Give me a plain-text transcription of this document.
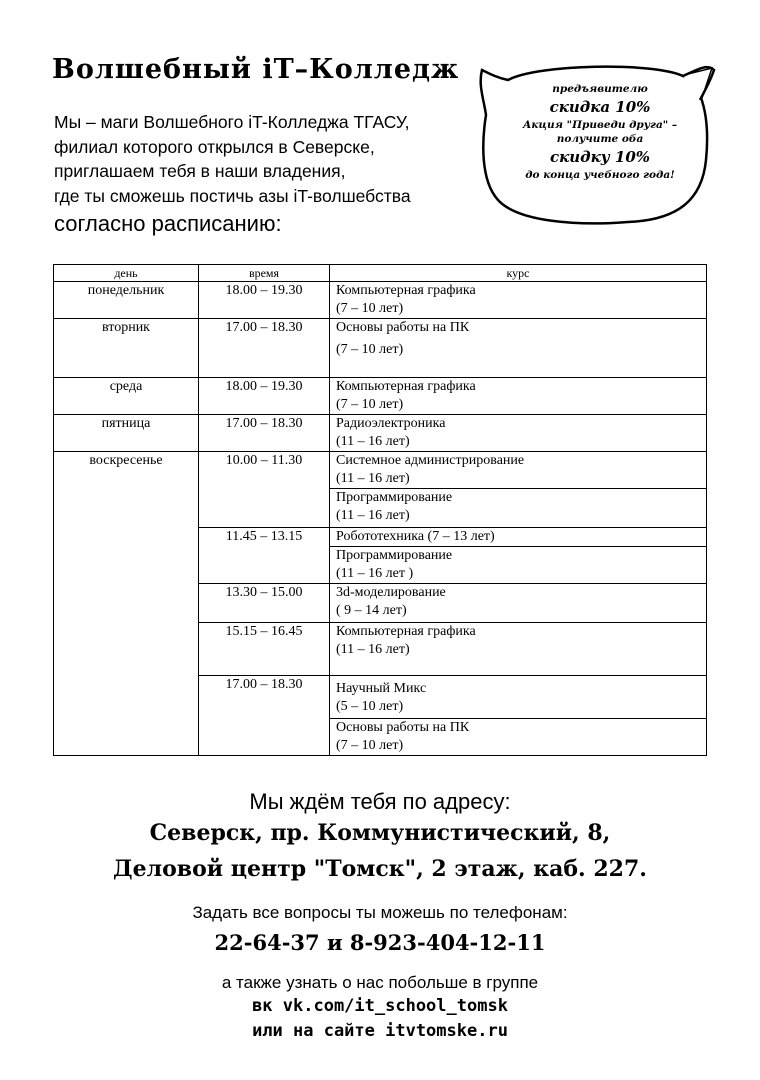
Волшебный iT–Колледж
Мы – маги Волшебного iT-Колледжа ТГАСУ,
филиал которого открылся в Северске,
приглашаем тебя в наши владения,
где ты сможешь постичь азы iT-волшебства
согласно расписанию:
предъявителю
скидка 10%
Акция "Приведи друга" –
получите оба
скидку 10%
до конца учебного года!
день	время	курс
понедельник	18.00 – 19.30	Компьютерная графика
(7 – 10 лет)

вторник	17.00 – 18.30	Основы работы на ПК
(7 – 10 лет)

среда	18.00 – 19.30	Компьютерная графика
(7 – 10 лет)

пятница	17.00 – 18.30	Радиоэлектроника
(11 – 16 лет)

воскресенье	10.00 – 11.30	Системное администрирование
(11 – 16 лет)

		Программирование
(11 – 16 лет)

	11.45 – 13.15	Робототехника (7 – 13 лет)

		Программирование
(11 – 16 лет )

	13.30 – 15.00	3d-моделирование
( 9 – 14 лет)

	15.15 – 16.45	Компьютерная графика
(11 – 16 лет)

	17.00 – 18.30	Научный Микс
(5 – 10 лет)

		Основы работы на ПК
(7 – 10 лет)
Мы ждём тебя по адресу:
Северск, пр. Коммунистический, 8,
Деловой центр "Томск", 2 этаж, каб. 227.
Задать все вопросы ты можешь по телефонам:
22-64-37 и 8-923-404-12-11
а также узнать о нас побольше в группе
вк vk.com/it_school_tomsk
или на сайте itvtomske.ru
